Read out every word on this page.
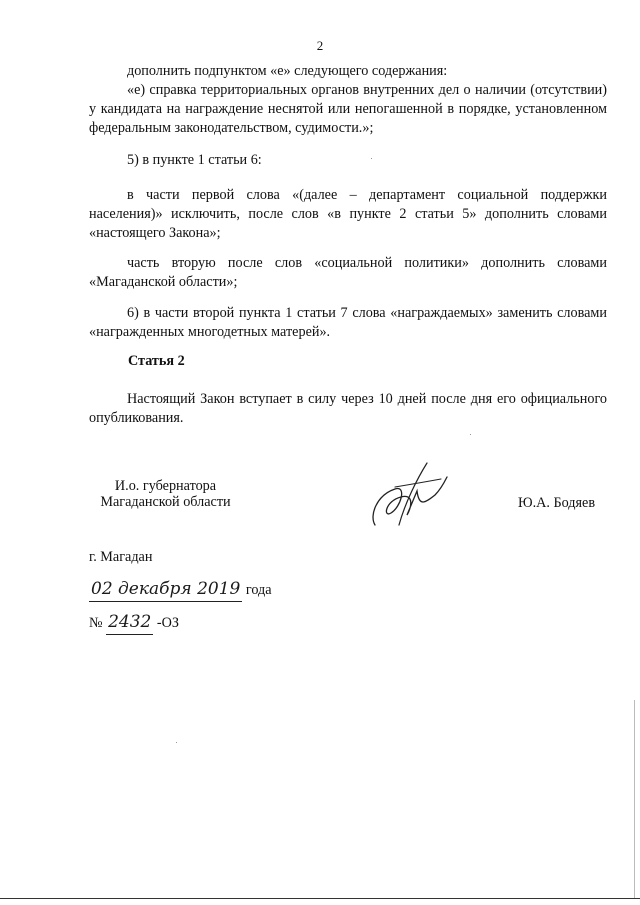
2
дополнить подпунктом «е» следующего содержания:
«е) справка территориальных органов внутренних дел о наличии (отсутствии) у кандидата на награждение неснятой или непогашенной в порядке, установленном федеральным законодательством, судимости.»;
5) в пункте 1 статьи 6:
в части первой слова «(далее – департамент социальной поддержки населения)» исключить, после слов «в пункте 2 статьи 5» дополнить словами «настоящего Закона»;
часть вторую после слов «социальной политики» дополнить словами «Магаданской области»;
6) в части второй пункта 1 статьи 7 слова «награждаемых» заменить словами «награжденных многодетных матерей».
Статья 2
Настоящий Закон вступает в силу через 10 дней после дня его официального опубликования.
И.о. губернатора
Магаданской области	Ю.А. Бодяев
г. Магадан
02 декабря 2019 года
№ 2432 -ОЗ
